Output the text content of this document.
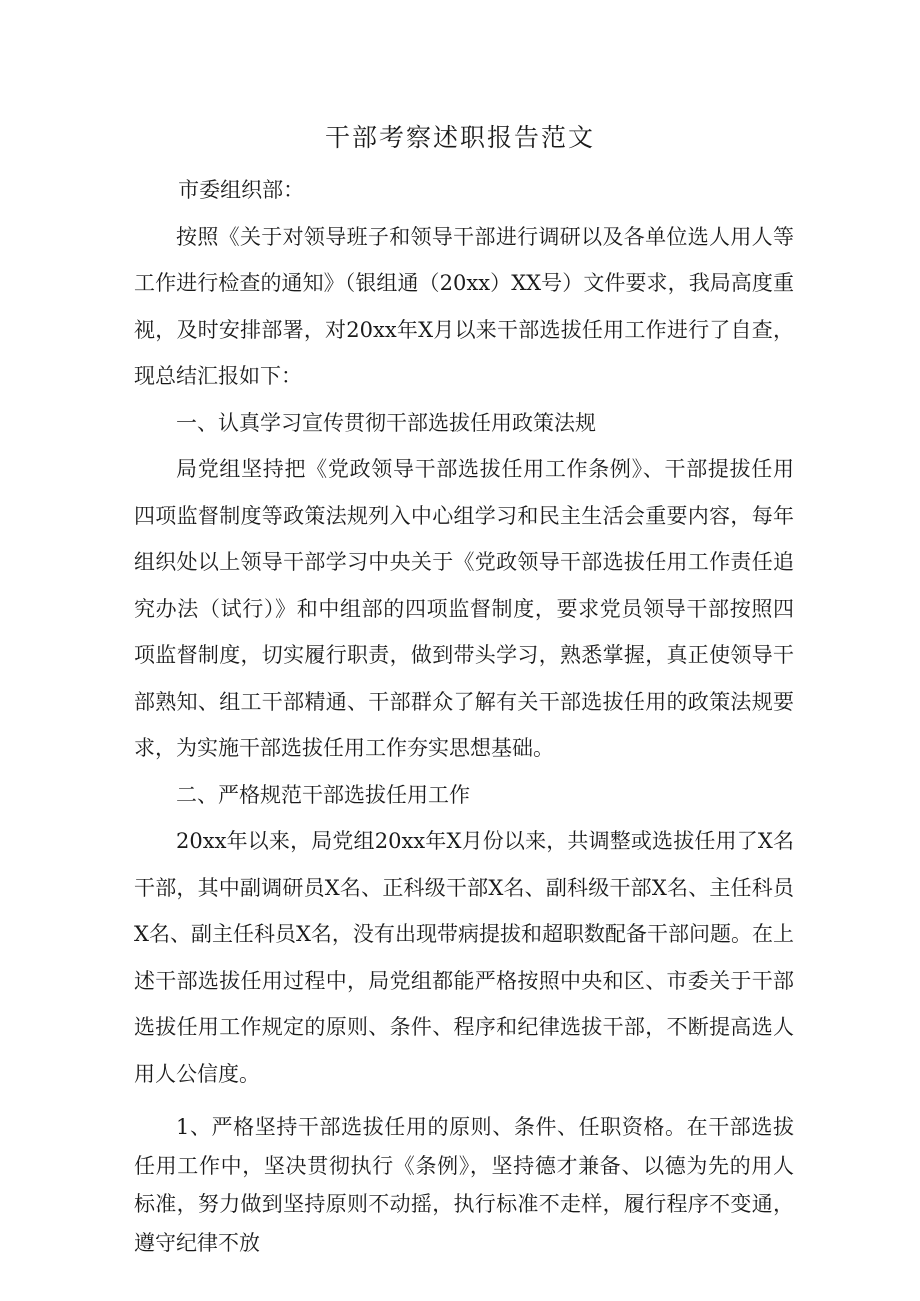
干部考察述职报告范文

市委组织部：

按照《关于对领导班子和领导干部进行调研以及各单位选人用人等工作进行检查的通知》（银组通（20xx）XX号）文件要求，我局高度重视，及时安排部署，对20xx年X月以来干部选拔任用工作进行了自查，现总结汇报如下：

一、认真学习宣传贯彻干部选拔任用政策法规

局党组坚持把《党政领导干部选拔任用工作条例》、干部提拔任用四项监督制度等政策法规列入中心组学习和民主生活会重要内容，每年组织处以上领导干部学习中央关于《党政领导干部选拔任用工作责任追究办法（试行）》和中组部的四项监督制度，要求党员领导干部按照四项监督制度，切实履行职责，做到带头学习，熟悉掌握，真正使领导干部熟知、组工干部精通、干部群众了解有关干部选拔任用的政策法规要求，为实施干部选拔任用工作夯实思想基础。

二、严格规范干部选拔任用工作

20xx年以来，局党组20xx年X月份以来，共调整或选拔任用了X名干部，其中副调研员X名、正科级干部X名、副科级干部X名、主任科员X名、副主任科员X名，没有出现带病提拔和超职数配备干部问题。在上述干部选拔任用过程中，局党组都能严格按照中央和区、市委关于干部选拔任用工作规定的原则、条件、程序和纪律选拔干部，不断提高选人用人公信度。

1、严格坚持干部选拔任用的原则、条件、任职资格。在干部选拔任用工作中，坚决贯彻执行《条例》，坚持德才兼备、以德为先的用人标准，努力做到坚持原则不动摇，执行标准不走样，履行程序不变通，遵守纪律不放
